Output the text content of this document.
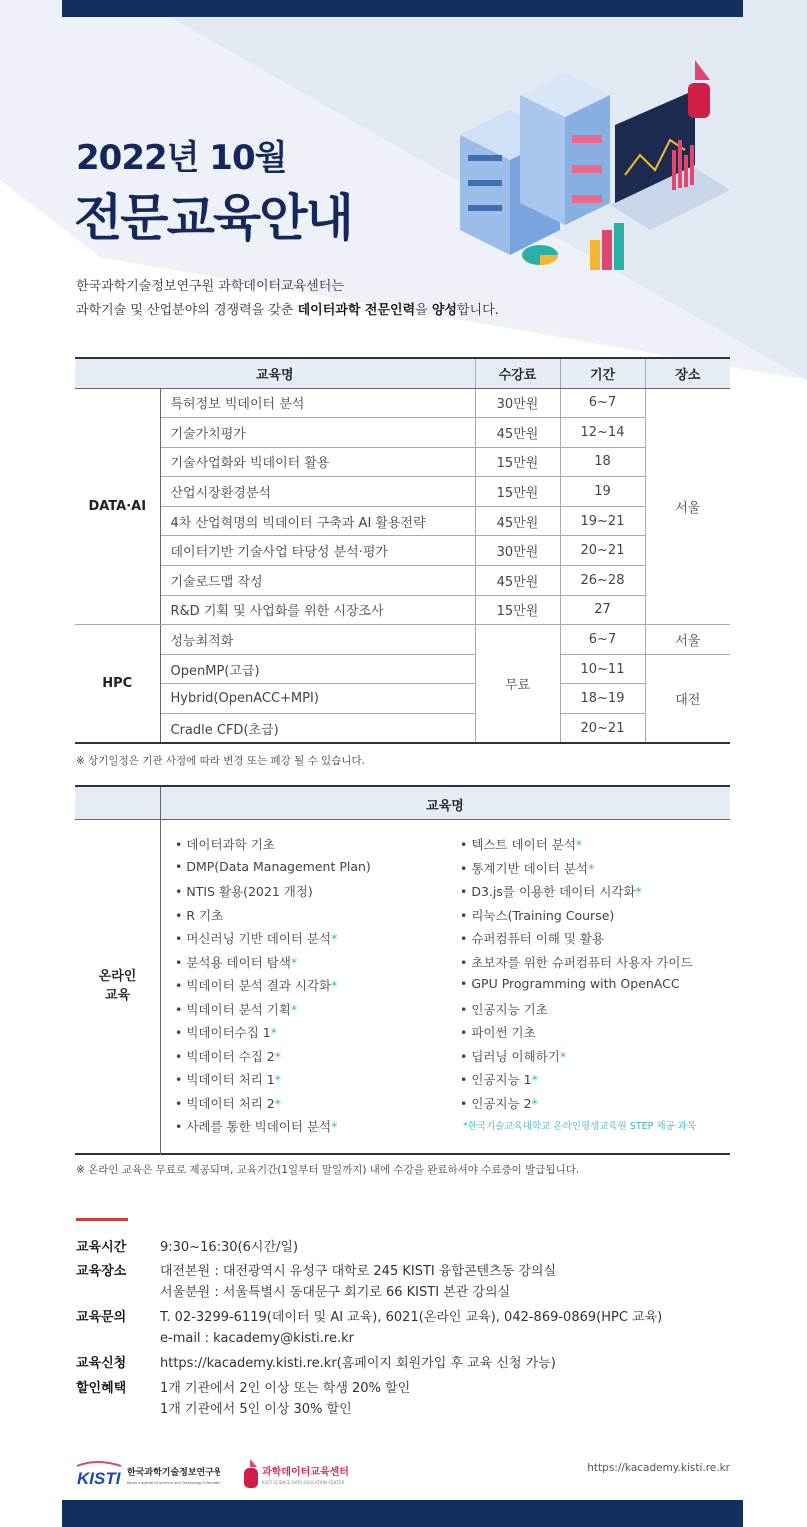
2022년 10월
전문교육안내
한국과학기술정보연구원 과학데이터교육센터는
과학기술 및 산업분야의 경쟁력을 갖춘 데이터과학 전문인력을 양성합니다.
교육명		수강료	기간	장소
DATA·AI	특허정보 빅데이터 분석	30만원	6~7	서울
	기술가치평가	45만원	12~14	
	기술사업화와 빅데이터 활용	15만원	18	
	산업시장환경분석	15만원	19	
	4차 산업혁명의 빅데이터 구축과 AI 활용전략	45만원	19~21	
	데이터기반 기술사업 타당성 분석·평가	30만원	20~21	
	기술로드맵 작성	45만원	26~28	
	R&D 기획 및 사업화를 위한 시장조사	15만원	27	
HPC	성능최적화	무료	6~7	서울
	OpenMP(고급)		10~11	대전
	Hybrid(OpenACC+MPI)		18~19	
	Cradle CFD(초급)		20~21	
※ 상기일정은 기관 사정에 따라 변경 또는 폐강 될 수 있습니다.
교육명
온라인
교육
• 데이터과학 기초
• DMP(Data Management Plan)
• NTIS 활용(2021 개정)
• R 기초
• 머신러닝 기반 데이터 분석*
• 분석용 데이터 탐색*
• 빅데이터 분석 결과 시각화*
• 빅데이터 분석 기획*
• 빅데이터수집 1*
• 빅데이터 수집 2*
• 빅데이터 처리 1*
• 빅데이터 처리 2*
• 사례를 통한 빅데이터 분석*
• 텍스트 데이터 분석*
• 통계기반 데이터 분석*
• D3.js를 이용한 데이터 시각화*
• 리눅스(Training Course)
• 슈퍼컴퓨터 이해 및 활용
• 초보자를 위한 슈퍼컴퓨터 사용자 가이드
• GPU Programming with OpenACC
• 인공지능 기초
• 파이썬 기초
• 딥러닝 이해하기*
• 인공지능 1*
• 인공지능 2*
*한국기술교육대학교 온라인평생교육원 STEP 제공 과목
※ 온라인 교육은 무료로 제공되며, 교육기간(1일부터 말일까지) 내에 수강을 완료하셔야 수료증이 발급됩니다.
교육시간	9:30~16:30(6시간/일)
교육장소	대전본원 : 대전광역시 유성구 대학로 245 KISTI 융합콘텐츠동 강의실
서울분원 : 서울특별시 동대문구 회기로 66 KISTI 본관 강의실
교육문의	T. 02-3299-6119(데이터 및 AI 교육), 6021(온라인 교육), 042-869-0869(HPC 교육)
e-mail : kacademy@kisti.re.kr
교육신청	https://kacademy.kisti.re.kr(홈페이지 회원가입 후 교육 신청 가능)
할인혜택	1개 기관에서 2인 이상 또는 학생 20% 할인
1개 기관에서 5인 이상 30% 할인
KISTI 한국과학기술정보연구원
Korea Institute of Science and Technology Information
과학데이터교육센터
KISTI SCIENCE DATA EDUCATION CENTER
https://kacademy.kisti.re.kr
